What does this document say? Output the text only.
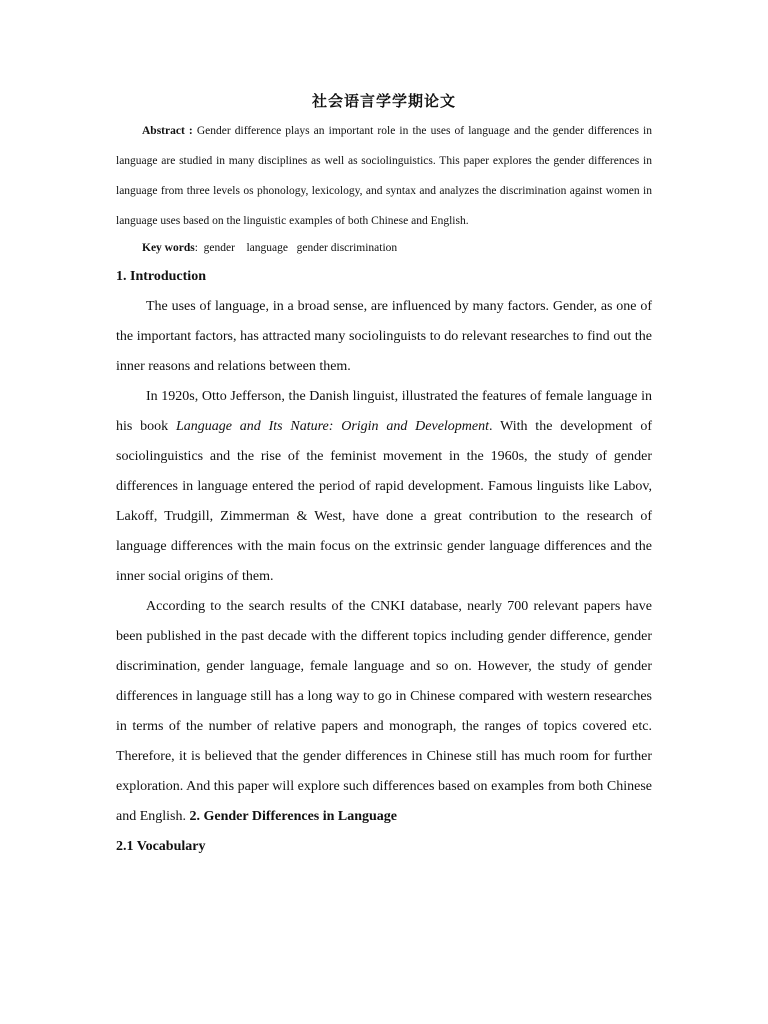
社会语言学学期论文

Abstract : Gender difference plays an important role in the uses of language and the gender differences in language are studied in many disciplines as well as sociolinguistics. This paper explores the gender differences in language from three levels os phonology, lexicology, and syntax and analyzes the discrimination against women in language uses based on the linguistic examples of both Chinese and English.

Key words:  gender    language   gender discrimination
1. Introduction

The uses of language, in a broad sense, are influenced by many factors. Gender, as one of the important factors, has attracted many sociolinguists to do relevant researches to find out the inner reasons and relations between them.

In 1920s, Otto Jefferson, the Danish linguist, illustrated the features of female language in his book Language and Its Nature: Origin and Development. With the development of sociolinguistics and the rise of the feminist movement in the 1960s, the study of gender differences in language entered the period of rapid development. Famous linguists like Labov, Lakoff, Trudgill, Zimmerman & West, have done a great contribution to the research of language differences with the main focus on the extrinsic gender language differences and the inner social origins of them.

According to the search results of the CNKI database, nearly 700 relevant papers have been published in the past decade with the different topics including gender difference, gender discrimination, gender language, female language and so on. However, the study of gender differences in language still has a long way to go in Chinese compared with western researches in terms of the number of relative papers and monograph, the ranges of topics covered etc. Therefore, it is believed that the gender differences in Chinese still has much room for further exploration. And this paper will explore such differences based on examples from both Chinese and English. 2. Gender Differences in Language

2.1 Vocabulary
